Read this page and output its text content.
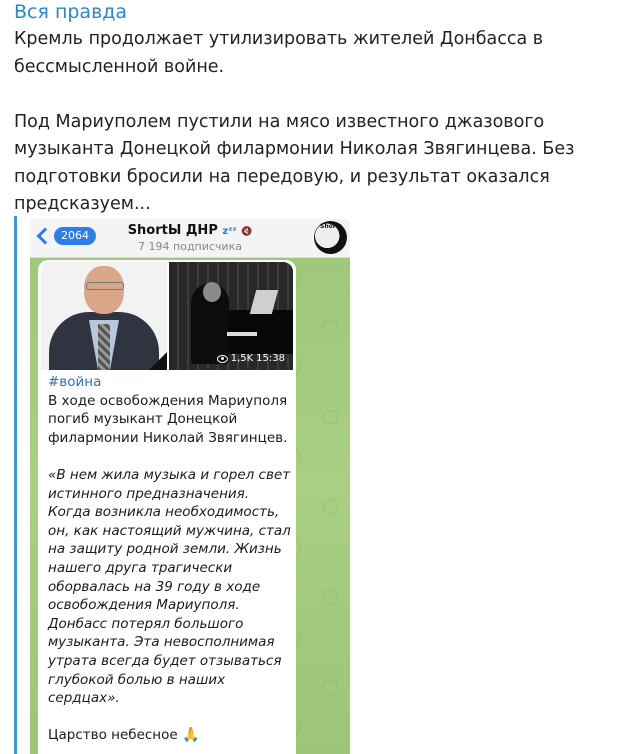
Вся правда

Кремль продолжает утилизировать жителей Донбасса в бессмысленной войне.

Под Мариуполем пустили на мясо известного джазового музыканта Донецкой филармонии Николая Звягинцева. Без подготовки бросили на передовую, и результат оказался предсказуем...

2064	ShortЫ ДНР zᶻᶻ 🔇
7 194 подписчика
Shorts
1,5K 15:38

#война

В ходе освобождения Мариуполя погиб музыкант Донецкой филармонии Николай Звягинцев.

«В нем жила музыка и горел свет истинного предназначения. Когда возникла необходимость, он, как настоящий мужчина, стал на защиту родной земли. Жизнь нашего друга трагически оборвалась на 39 году в ходе освобождения Мариуполя. Донбасс потерял большого музыканта. Эта невосполнимая утрата всегда будет отзываться глубокой болью в наших сердцах».

Царство небесное 🙏
